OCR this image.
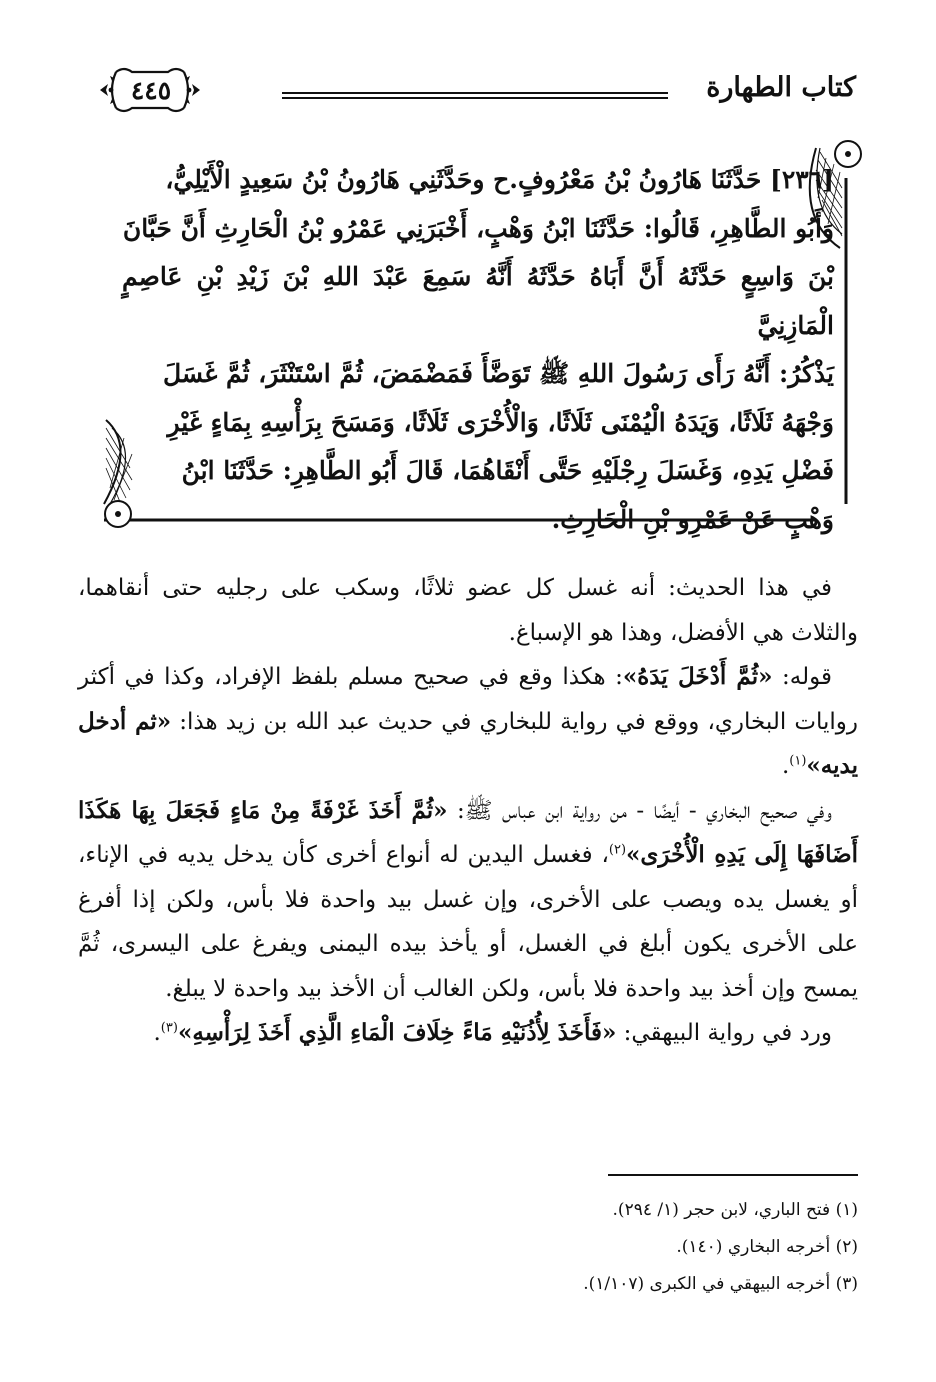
كتاب الطهارة
٤٤٥
[٢٣٦] حَدَّثَنَا هَارُونُ بْنُ مَعْرُوفٍ.ح وحَدَّثَنِي هَارُونُ بْنُ سَعِيدٍ الْأَيْلِيُّ،
وَأَبُو الطَّاهِرِ، قَالُوا: حَدَّثَنَا ابْنُ وَهْبٍ، أَخْبَرَنِي عَمْرُو بْنُ الْحَارِثِ أَنَّ حَبَّانَ
بْنَ وَاسِعٍ حَدَّثَهُ أَنَّ أَبَاهُ حَدَّثَهُ أَنَّهُ سَمِعَ عَبْدَ اللهِ بْنَ زَيْدِ بْنِ عَاصِمٍ الْمَازِنِيَّ
يَذْكُرُ: أَنَّهُ رَأَى رَسُولَ اللهِ ﷺ تَوَضَّأَ فَمَضْمَضَ، ثُمَّ اسْتَنْثَرَ، ثُمَّ غَسَلَ
وَجْهَهُ ثَلَاثًا، وَيَدَهُ الْيُمْنَى ثَلَاثًا، وَالْأُخْرَى ثَلَاثًا، وَمَسَحَ بِرَأْسِهِ بِمَاءٍ غَيْرِ
فَضْلِ يَدِهِ، وَغَسَلَ رِجْلَيْهِ حَتَّى أَنْقَاهُمَا، قَالَ أَبُو الطَّاهِرِ: حَدَّثَنَا ابْنُ
وَهْبٍ عَنْ عَمْرِو بْنِ الْحَارِثِ.

في هذا الحديث: أنه غسل كل عضو ثلاثًا، وسكب على رجليه حتى أنقاهما، والثلاث هي الأفضل، وهذا هو الإسباغ.

قوله: «ثُمَّ أَدْخَلَ يَدَهُ»: هكذا وقع في صحيح مسلم بلفظ الإفراد، وكذا في أكثر روايات البخاري، ووقع في رواية للبخاري في حديث عبد الله بن زيد هذا: «ثم أدخل يديه»$^{(١)}$.

وفي صحيح البخاري - أيضًا - من رواية ابن عباس ﷺ: «ثُمَّ أَخَذَ غَرْفَةً مِنْ مَاءٍ فَجَعَلَ بِهَا هَكَذَا أَضَافَهَا إِلَى يَدِهِ الْأُخْرَى»$^{(٢)}$، فغسل اليدين له أنواع أخرى كأن يدخل يديه في الإناء، أو يغسل يده ويصب على الأخرى، وإن غسل بيد واحدة فلا بأس، ولكن إذا أفرغ على الأخرى يكون أبلغ في الغسل، أو يأخذ بيده اليمنى ويفرغ على اليسرى، ثُمَّ يمسح وإن أخذ بيد واحدة فلا بأس، ولكن الغالب أن الأخذ بيد واحدة لا يبلغ.

ورد في رواية البيهقي: «فَأَخَذَ لِأُذُنَيْهِ مَاءً خِلَافَ الْمَاءِ الَّذِي أَخَذَ لِرَأْسِهِ»$^{(٣)}$.

(١) فتح الباري، لابن حجر (١/ ٢٩٤).
(٢) أخرجه البخاري (١٤٠).
(٣) أخرجه البيهقي في الكبرى (١/١٠٧).
